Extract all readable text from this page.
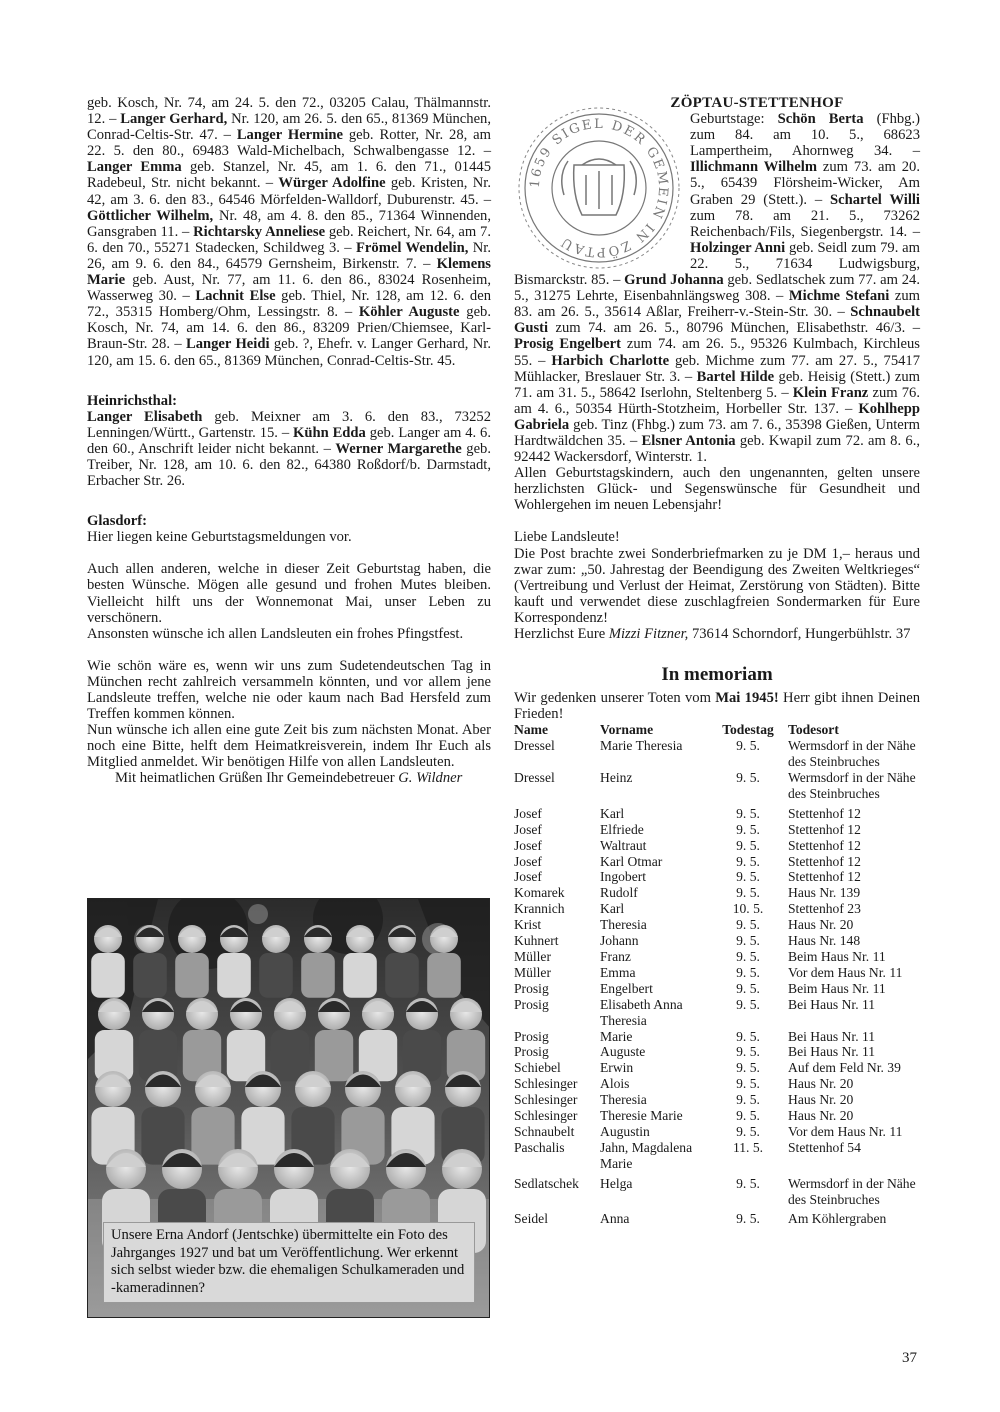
geb. Kosch, Nr. 74, am 24. 5. den 72., 03205 Calau, Thälmannstr. 12. – Langer Gerhard, Nr. 120, am 26. 5. den 65., 81369 München, Conrad-Celtis-Str. 47. – Langer Hermine geb. Rotter, Nr. 28, am 22. 5. den 80., 69483 Wald-Michelbach, Schwalbengasse 12. – Langer Emma geb. Stanzel, Nr. 45, am 1. 6. den 71., 01445 Radebeul, Str. nicht bekannt. – Würger Adolfine geb. Kristen, Nr. 42, am 3. 6. den 83., 64546 Mörfelden-Walldorf, Duburenstr. 45. – Göttlicher Wilhelm, Nr. 48, am 4. 8. den 85., 71364 Winnenden, Gansgraben 11. – Richtarsky Anneliese geb. Reichert, Nr. 64, am 7. 6. den 70., 55271 Stadecken, Schildweg 3. – Frömel Wendelin, Nr. 26, am 9. 6. den 84., 64579 Gernsheim, Birkenstr. 7. – Klemens Marie geb. Aust, Nr. 77, am 11. 6. den 86., 83024 Rosenheim, Wasserweg 30. – Lachnit Else geb. Thiel, Nr. 128, am 12. 6. den 72., 35315 Homberg/Ohm, Lessingstr. 8. – Köhler Auguste geb. Kosch, Nr. 74, am 14. 6. den 86., 83209 Prien/Chiemsee, Karl-Braun-Str. 28. – Langer Heidi geb. ?, Ehefr. v. Langer Gerhard, Nr. 120, am 15. 6. den 65., 81369 München, Conrad-Celtis-Str. 45.

Heinrichsthal:

Langer Elisabeth geb. Meixner am 3. 6. den 83., 73252 Lenningen/Württ., Gartenstr. 15. – Kühn Edda geb. Langer am 4. 6. den 60., Anschrift leider nicht bekannt. – Werner Margarethe geb. Treiber, Nr. 128, am 10. 6. den 82., 64380 Roßdorf/b. Darmstadt, Erbacher Str. 26.

Glasdorf:

Hier liegen keine Geburtstagsmeldungen vor.

Auch allen anderen, welche in dieser Zeit Geburtstag haben, die besten Wünsche. Mögen alle gesund und frohen Mutes bleiben. Vielleicht hilft uns der Wonnemonat Mai, unser Leben zu verschönern.

Ansonsten wünsche ich allen Landsleuten ein frohes Pfingstfest.

Wie schön wäre es, wenn wir uns zum Sudetendeutschen Tag in München recht zahlreich versammeln könnten, und vor allem jene Landsleute treffen, welche nie oder kaum nach Bad Hersfeld zum Treffen kommen können.

Nun wünsche ich allen eine gute Zeit bis zum nächsten Monat. Aber noch eine Bitte, helft dem Heimatkreisverein, indem Ihr Euch als Mitglied anmeldet. Wir benötigen Hilfe von allen Landsleuten.

Mit heimatlichen Grüßen Ihr Gemeindebetreuer G. Wildner

Unsere Erna Andorf (Jentschke) übermittelte ein Foto des Jahrganges 1927 und bat um Veröffentlichung. Wer erkennt sich selbst wieder bzw. die ehemaligen Schulkameraden und -kameradinnen?
ZÖPTAU-STETTENHOF
1659 SIGEL DER GEMEIN IN ZÖPTAU

Geburtstage: Schön Berta (Fhbg.) zum 84. am 10. 5., 68623 Lampertheim, Ahornweg 34. – Illichmann Wilhelm zum 73. am 20. 5., 65439 Flörsheim-Wicker, Am Graben 29 (Stett.). – Schartel Willi zum 78. am 21. 5., 73262 Reichenbach/Fils, Siegenbergstr. 14. – Holzinger Anni geb. Seidl zum 79. am 22. 5., 71634 Ludwigsburg, Bismarckstr. 85. – Grund Johanna geb. Sedlatschek zum 77. am 24. 5., 31275 Lehrte, Eisenbahnlängsweg 308. – Michme Stefani zum 83. am 26. 5., 35614 Aßlar, Freiherr-v.-Stein-Str. 30. – Schnaubelt Gusti zum 74. am 26. 5., 80796 München, Elisabethstr. 46/3. – Prosig Engelbert zum 74. am 26. 5., 95326 Kulmbach, Kirchleus 55. – Harbich Charlotte geb. Michme zum 77. am 27. 5., 75417 Mühlacker, Breslauer Str. 3. – Bartel Hilde geb. Heisig (Stett.) zum 71. am 31. 5., 58642 Iserlohn, Steltenberg 5. – Klein Franz zum 76. am 4. 6., 50354 Hürth-Stotzheim, Horbeller Str. 137. – Kohlhepp Gabriela geb. Tinz (Fhbg.) zum 73. am 7. 6., 35398 Gießen, Unterm Hardtwäldchen 35. – Elsner Antonia geb. Kwapil zum 72. am 8. 6., 92442 Wackersdorf, Winterstr. 1.

Allen Geburtstagskindern, auch den ungenannten, gelten unsere herzlichsten Glück- und Segenswünsche für Gesundheit und Wohlergehen im neuen Lebensjahr!

Liebe Landsleute!

Die Post brachte zwei Sonderbriefmarken zu je DM 1,– heraus und zwar zum: „50. Jahrestag der Beendigung des Zweiten Weltkrieges“ (Vertreibung und Verlust der Heimat, Zerstörung von Städten). Bitte kauft und verwendet diese zuschlagfreien Sondermarken für Eure Korrespondenz!

Herzlichst Eure Mizzi Fitzner, 73614 Schorndorf, Hungerbühlstr. 37

In memoriam

Wir gedenken unserer Toten vom Mai 1945! Herr gibt ihnen Deinen Frieden!

Name	Vorname	Todestag	Todesort
Dressel	Marie Theresia	9. 5.	Wermsdorf in der Nähe des Steinbruches
Dressel	Heinz	9. 5.	Wermsdorf in der Nähe des Steinbruches
Josef	Karl	9. 5.	Stettenhof 12
Josef	Elfriede	9. 5.	Stettenhof 12
Josef	Waltraut	9. 5.	Stettenhof 12
Josef	Karl Otmar	9. 5.	Stettenhof 12
Josef	Ingobert	9. 5.	Stettenhof 12
Komarek	Rudolf	9. 5.	Haus Nr. 139
Krannich	Karl	10. 5.	Stettenhof 23
Krist	Theresia	9. 5.	Haus Nr. 20
Kuhnert	Johann	9. 5.	Haus Nr. 148
Müller	Franz	9. 5.	Beim Haus Nr. 11
Müller	Emma	9. 5.	Vor dem Haus Nr. 11
Prosig	Engelbert	9. 5.	Beim Haus Nr. 11
Prosig	Elisabeth Anna Theresia	9. 5.	Bei Haus Nr. 11
Prosig	Marie	9. 5.	Bei Haus Nr. 11
Prosig	Auguste	9. 5.	Bei Haus Nr. 11
Schiebel	Erwin	9. 5.	Auf dem Feld Nr. 39
Schlesinger	Alois	9. 5.	Haus Nr. 20
Schlesinger	Theresia	9. 5.	Haus Nr. 20
Schlesinger	Theresie Marie	9. 5.	Haus Nr. 20
Schnaubelt	Augustin	9. 5.	Vor dem Haus Nr. 11
Paschalis	Jahn, Magdalena Marie	11. 5.	Stettenhof 54
Sedlatschek	Helga	9. 5.	Wermsdorf in der Nähe des Steinbruches
Seidel	Anna	9. 5.	Am Köhlergraben
37
